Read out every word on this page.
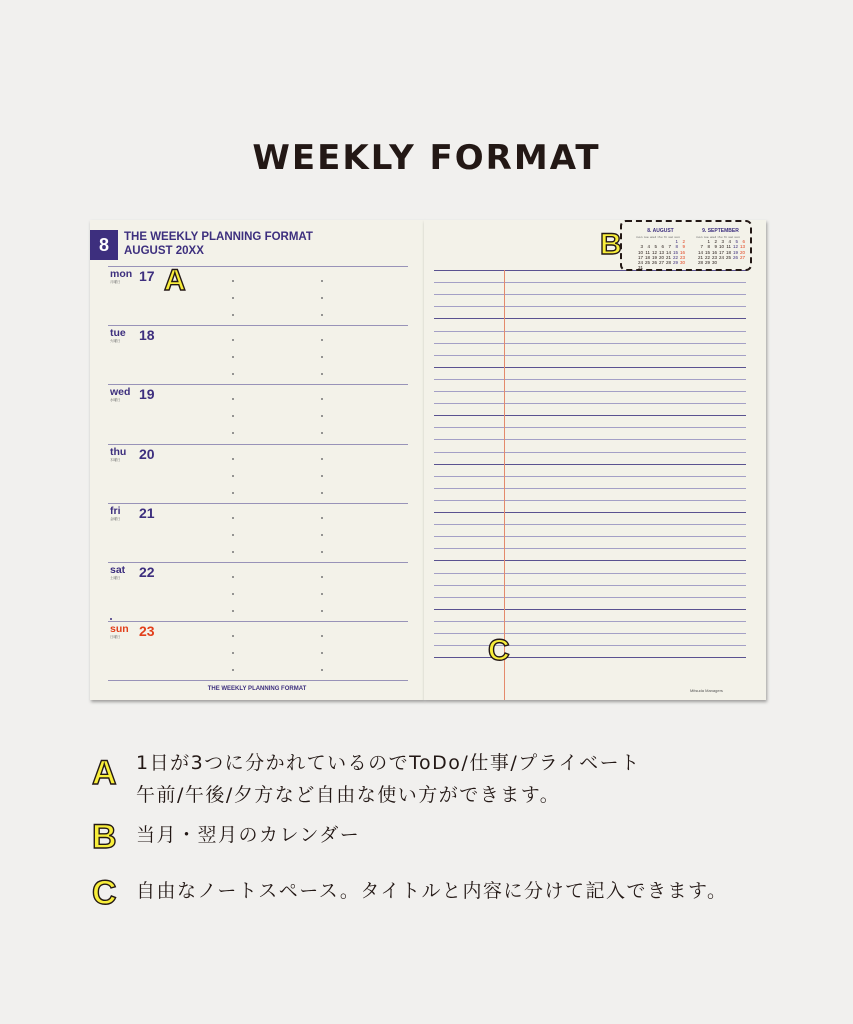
WEEKLY FORMAT
8	THE WEEKLY PLANNING FORMAT
AUGUST 20XX
mon
月曜日 17
tue
火曜日 18
wed
水曜日 19
thu
木曜日 20
fri
金曜日 21
sat
土曜日 22
sun
日曜日 23
THE WEEKLY PLANNING FORMAT	Mitsuda Managers
8. AUGUST
mon tue wed thu fri sat sun
					1	2
3	4	5	6	7	8	9
10	11	12	13	14	15	16
17	18	19	20	21	22	23
24	25	26	27	28	29	30
31						
9. SEPTEMBER
mon tue wed thu fri sat sun
	1	2	3	4	5	6
7	8	9	10	11	12	13
14	15	16	17	18	19	20
21	22	23	24	25	26	27
28	29	30				
A
B
C
A 1日が3つに分かれているのでToDo/仕事/プライベート
午前/午後/夕方など自由な使い方ができます。
B 当月・翌月のカレンダー
C 自由なノートスペース。タイトルと内容に分けて記入できます。
